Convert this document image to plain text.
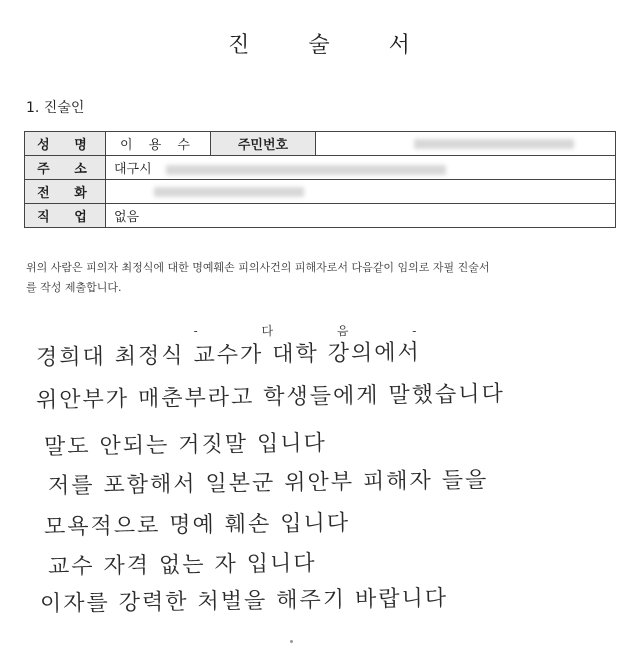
진	술	서
1. 진술인
성 명	이 용 수	주민번호	
주 소	대구시		
전 화			
직 업	없음		
위의 사람은 피의자 최정식에 대한 명예훼손 피의사건의 피해자로서 다음같이 임의로 자필 진술서
를 작성 제출합니다.
- 다 음 -

경희대 최정식 교수가 대학 강의에서

위안부가 매춘부라고 학생들에게 말했습니다

말도 안되는 거짓말 입니다

저를 포함해서 일본군 위안부 피해자 들을

모욕적으로 명예 훼손 입니다

교수 자격 없는 자 입니다

이자를 강력한 처벌을 해주기 바랍니다
